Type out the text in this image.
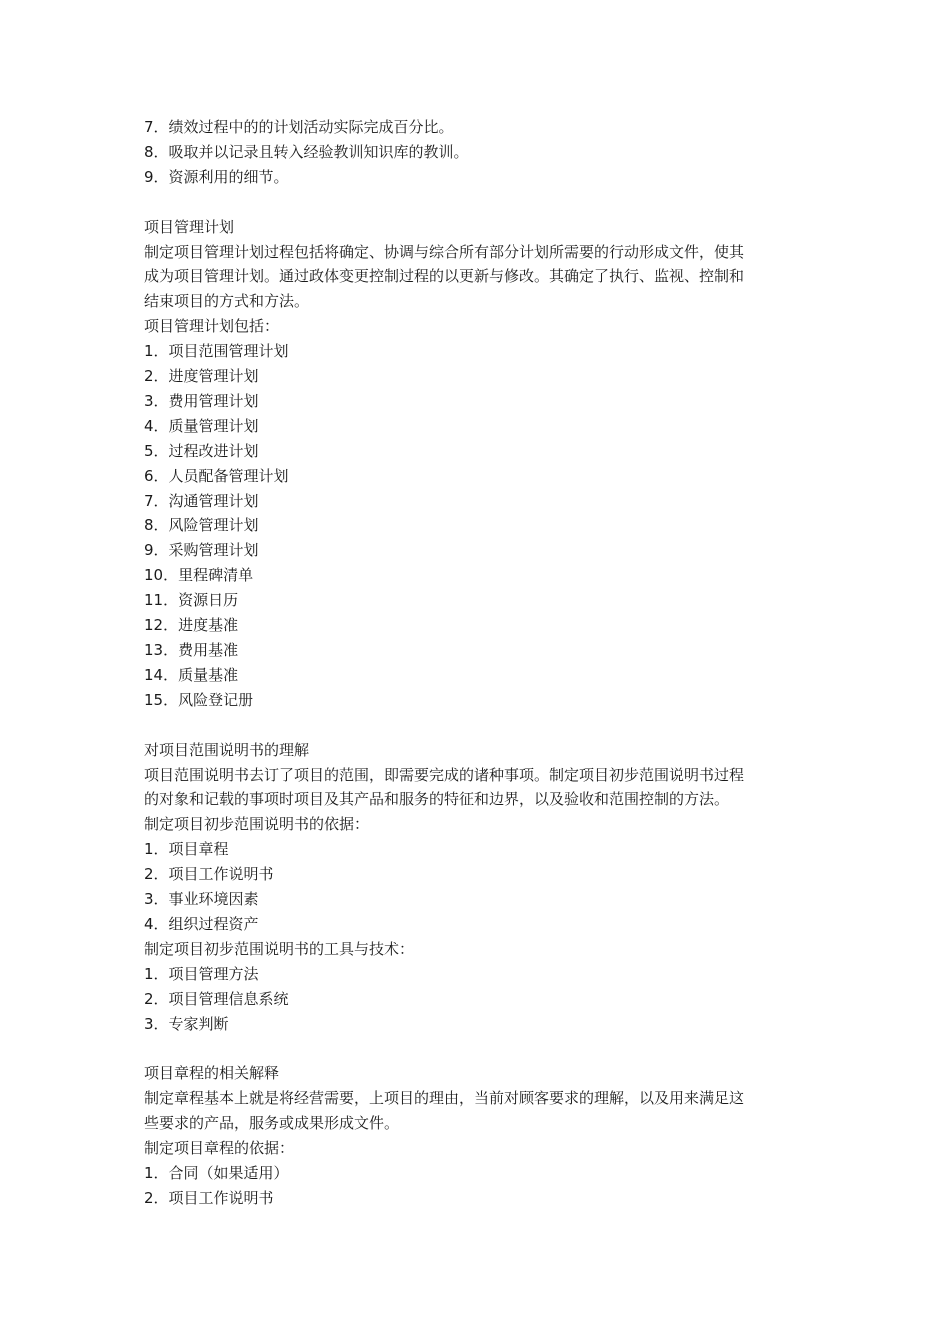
7．绩效过程中的的计划活动实际完成百分比。
8．吸取并以记录且转入经验教训知识库的教训。
9．资源利用的细节。
项目管理计划
制定项目管理计划过程包括将确定、协调与综合所有部分计划所需要的行动形成文件，使其
成为项目管理计划。通过政体变更控制过程的以更新与修改。其确定了执行、监视、控制和
结束项目的方式和方法。
项目管理计划包括：
1．项目范围管理计划
2．进度管理计划
3．费用管理计划
4．质量管理计划
5．过程改进计划
6．人员配备管理计划
7．沟通管理计划
8．风险管理计划
9．采购管理计划
10．里程碑清单
11．资源日历
12．进度基准
13．费用基准
14．质量基准
15．风险登记册
对项目范围说明书的理解
项目范围说明书去订了项目的范围，即需要完成的诸种事项。制定项目初步范围说明书过程
的对象和记载的事项时项目及其产品和服务的特征和边界，以及验收和范围控制的方法。
制定项目初步范围说明书的依据：
1．项目章程
2．项目工作说明书
3．事业环境因素
4．组织过程资产
制定项目初步范围说明书的工具与技术：
1．项目管理方法
2．项目管理信息系统
3．专家判断
项目章程的相关解释
制定章程基本上就是将经营需要，上项目的理由，当前对顾客要求的理解，以及用来满足这
些要求的产品，服务或成果形成文件。
制定项目章程的依据：
1．合同（如果适用）
2．项目工作说明书
